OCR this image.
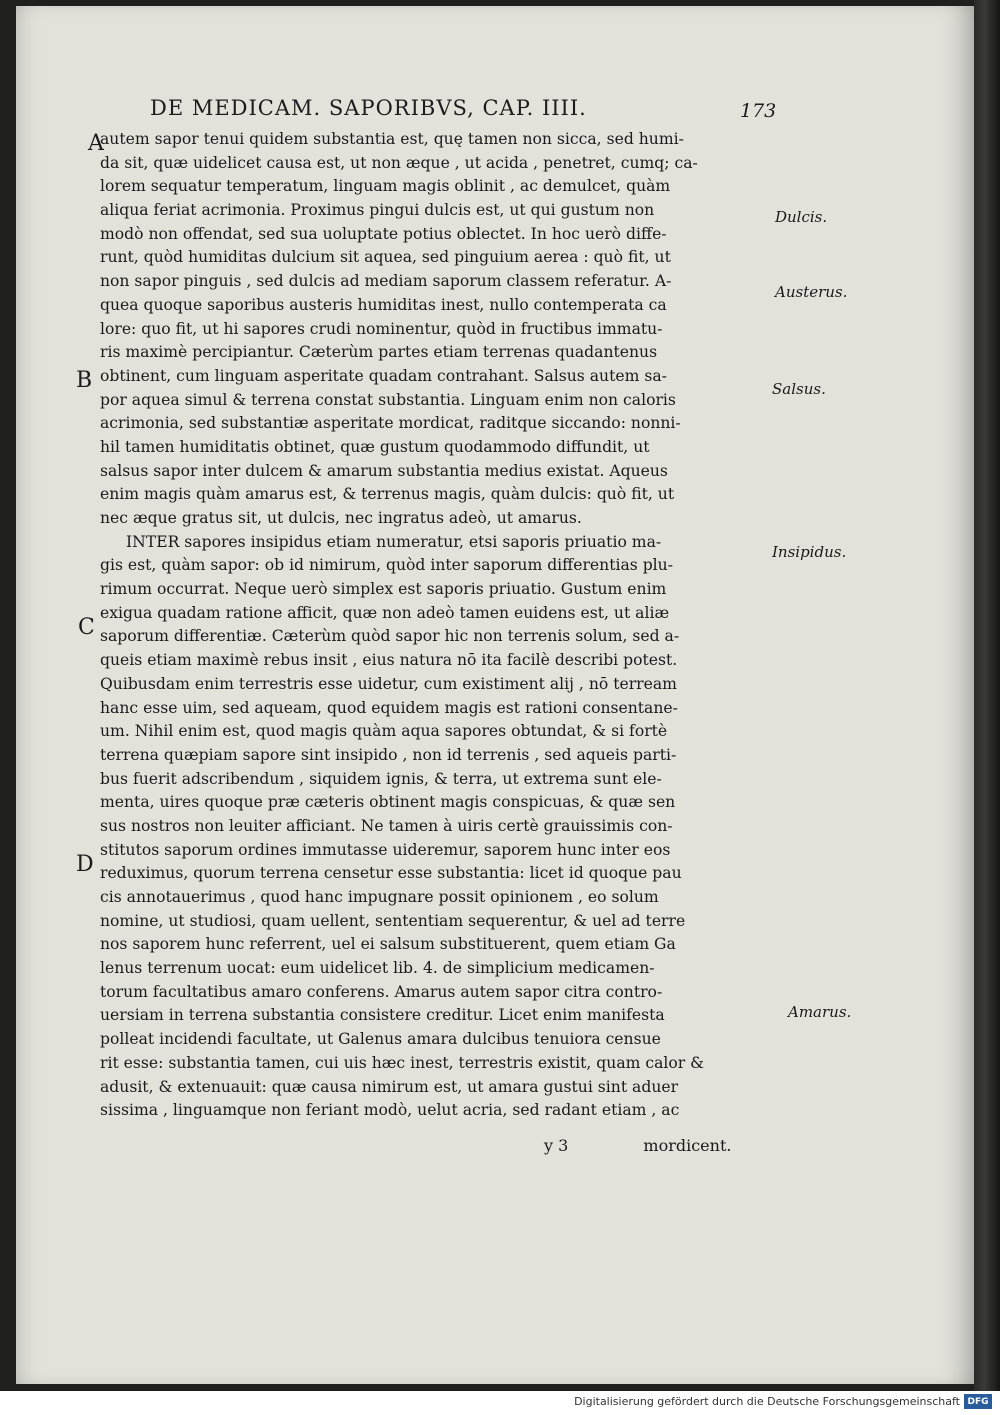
DE MEDICAM. SAPORIBVS, CAP. IIII.	173
autem sapor tenui quidem substantia est, quę tamen non sicca, sed humi-
da sit, quæ uidelicet causa est, ut non æque , ut acida , penetret, cumq; ca-
lorem sequatur temperatum, linguam magis oblinit , ac demulcet, quàm
aliqua feriat acrimonia. Proximus pingui dulcis est, ut qui gustum non
modò non offendat, sed sua uoluptate potius oblectet. In hoc uerò diffe-
runt, quòd humiditas dulcium sit aquea, sed pinguium aerea : quò fit, ut
non sapor pinguis , sed dulcis ad mediam saporum classem referatur. A-
quea quoque saporibus austeris humiditas inest, nullo contemperata ca
lore: quo fit, ut hi sapores crudi nominentur, quòd in fructibus immatu-
ris maximè percipiantur. Cæterùm partes etiam terrenas quadantenus
obtinent, cum linguam asperitate quadam contrahant. Salsus autem sa-
por aquea simul & terrena constat substantia. Linguam enim non caloris
acrimonia, sed substantiæ asperitate mordicat, raditque siccando: nonni-
hil tamen humiditatis obtinet, quæ gustum quodammodo diffundit, ut
salsus sapor inter dulcem & amarum substantia medius existat. Aqueus
enim magis quàm amarus est, & terrenus magis, quàm dulcis: quò fit, ut
nec æque gratus sit, ut dulcis, nec ingratus adeò, ut amarus.
INTER sapores insipidus etiam numeratur, etsi saporis priuatio ma-
gis est, quàm sapor: ob id nimirum, quòd inter saporum differentias plu-
rimum occurrat. Neque uerò simplex est saporis priuatio. Gustum enim
exigua quadam ratione afficit, quæ non adeò tamen euidens est, ut aliæ
saporum differentiæ. Cæterùm quòd sapor hic non terrenis solum, sed a-
queis etiam maximè rebus insit , eius natura nō ita facilè describi potest.
Quibusdam enim terrestris esse uidetur, cum existiment alij , nō terream
hanc esse uim, sed aqueam, quod equidem magis est rationi consentane-
um. Nihil enim est, quod magis quàm aqua sapores obtundat, & si fortè
terrena quæpiam sapore sint insipido , non id terrenis , sed aqueis parti-
bus fuerit adscribendum , siquidem ignis, & terra, ut extrema sunt ele-
menta, uires quoque præ cæteris obtinent magis conspicuas, & quæ sen
sus nostros non leuiter afficiant. Ne tamen à uiris certè grauissimis con-
stitutos saporum ordines immutasse uideremur, saporem hunc inter eos
reduximus, quorum terrena censetur esse substantia: licet id quoque pau
cis annotauerimus , quod hanc impugnare possit opinionem , eo solum
nomine, ut studiosi, quam uellent, sententiam sequerentur, & uel ad terre
nos saporem hunc referrent, uel ei salsum substituerent, quem etiam Ga
lenus terrenum uocat: eum uidelicet lib. 4. de simplicium medicamen-
torum facultatibus amaro conferens. Amarus autem sapor citra contro-
uersiam in terrena substantia consistere creditur. Licet enim manifesta
polleat incidendi facultate, ut Galenus amara dulcibus tenuiora censue
rit esse: substantia tamen, cui uis hæc inest, terrestris existit, quam calor &
adusit, & extenuauit: quæ causa nimirum est, ut amara gustui sint aduer
sissima , linguamque non feriant modò, uelut acria, sed radant etiam , ac
A
B
C
D
Dulcis.
Austerus.
Salsus.
Insipidus.
Amarus.
y 3	mordicent.
Digitalisierung gefördert durch die Deutsche Forschungsgemeinschaft DFG
